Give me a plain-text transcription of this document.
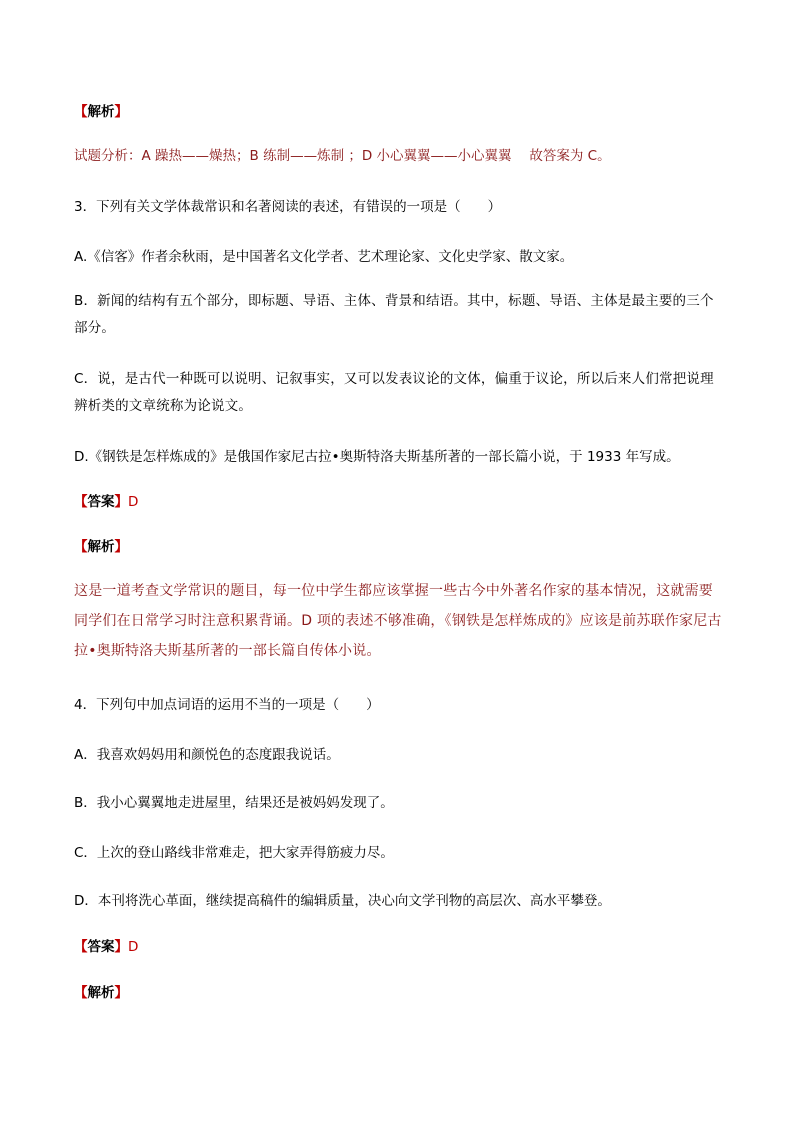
【解析】
试题分析：A 躁热——燥热；B 练制——炼制 ；D 小心翼翼——小心翼翼　 故答案为 C。
3．下列有关文学体裁常识和名著阅读的表述，有错误的一项是（　　）
A.《信客》作者余秋雨，是中国著名文化学者、艺术理论家、文化史学家、散文家。
B．新闻的结构有五个部分，即标题、导语、主体、背景和结语。其中，标题、导语、主体是最主要的三个部分。
C．说，是古代一种既可以说明、记叙事实，又可以发表议论的文体，偏重于议论，所以后来人们常把说理辨析类的文章统称为论说文。
D.《钢铁是怎样炼成的》是俄国作家尼古拉•奥斯特洛夫斯基所著的一部长篇小说，于 1933 年写成。
【答案】D
【解析】
这是一道考查文学常识的题目，每一位中学生都应该掌握一些古今中外著名作家的基本情况，这就需要同学们在日常学习时注意积累背诵。D 项的表述不够准确，《钢铁是怎样炼成的》应该是前苏联作家尼古拉•奥斯特洛夫斯基所著的一部长篇自传体小说。
4．下列句中加点词语的运用不当的一项是（　　）
A．我喜欢妈妈用和颜悦色的态度跟我说话。
B．我小心翼翼地走进屋里，结果还是被妈妈发现了。
C．上次的登山路线非常难走，把大家弄得筋疲力尽。
D．本刊将洗心革面，继续提高稿件的编辑质量，决心向文学刊物的高层次、高水平攀登。
【答案】D
【解析】
